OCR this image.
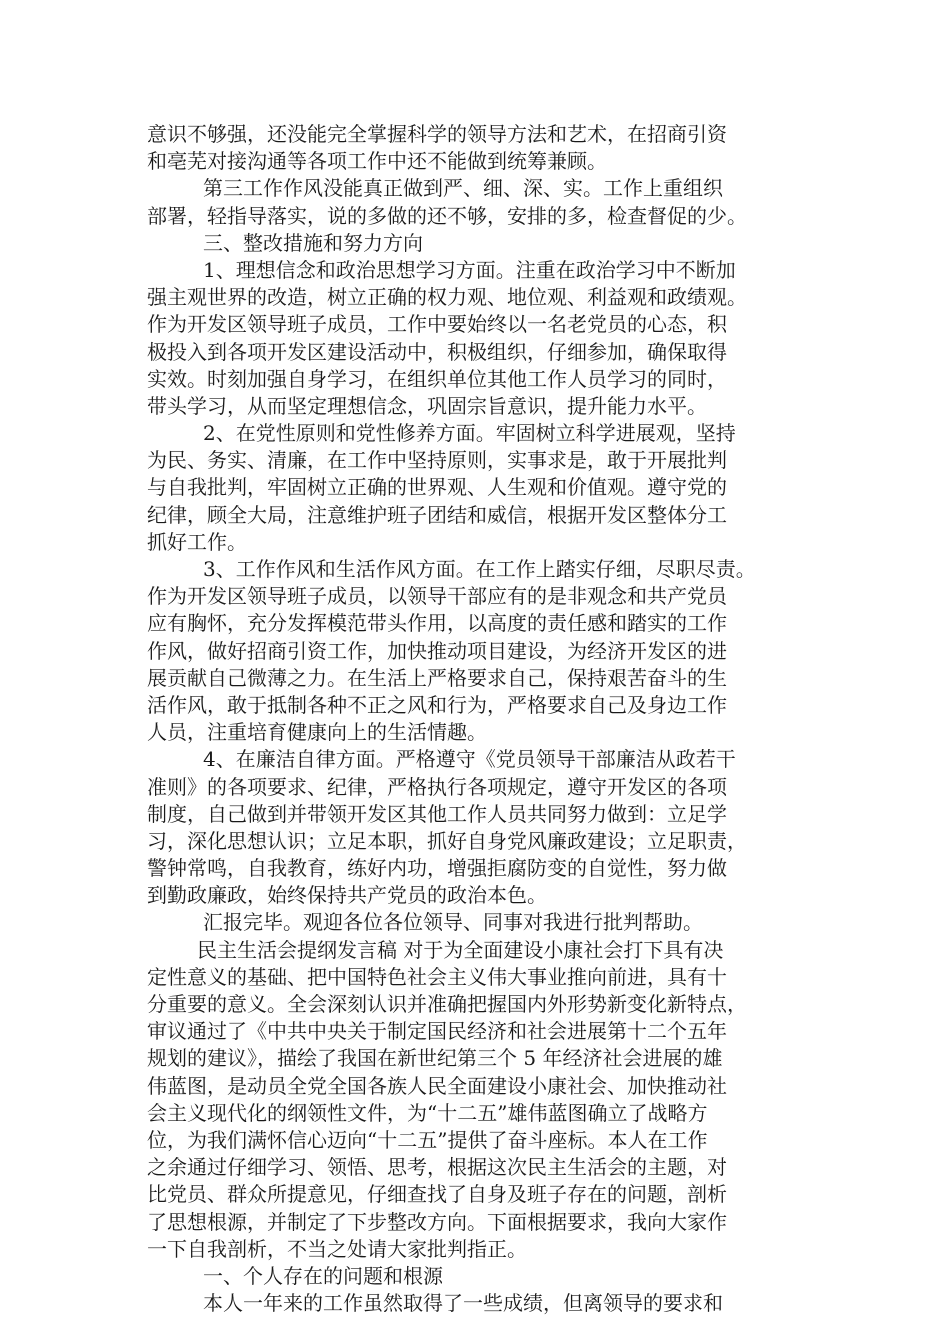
意识不够强，还没能完全掌握科学的领导方法和艺术，在招商引资
和亳芜对接沟通等各项工作中还不能做到统筹兼顾。
第三工作作风没能真正做到严、细、深、实。工作上重组织
部署，轻指导落实，说的多做的还不够，安排的多，检查督促的少。
三、整改措施和努力方向
1、理想信念和政治思想学习方面。注重在政治学习中不断加
强主观世界的改造，树立正确的权力观、地位观、利益观和政绩观。
作为开发区领导班子成员，工作中要始终以一名老党员的心态，积
极投入到各项开发区建设活动中，积极组织，仔细参加，确保取得
实效。时刻加强自身学习，在组织单位其他工作人员学习的同时，
带头学习，从而坚定理想信念，巩固宗旨意识，提升能力水平。
2、在党性原则和党性修养方面。牢固树立科学进展观，坚持
为民、务实、清廉，在工作中坚持原则，实事求是，敢于开展批判
与自我批判，牢固树立正确的世界观、人生观和价值观。遵守党的
纪律，顾全大局，注意维护班子团结和威信，根据开发区整体分工
抓好工作。
3、工作作风和生活作风方面。在工作上踏实仔细，尽职尽责。
作为开发区领导班子成员，以领导干部应有的是非观念和共产党员
应有胸怀，充分发挥模范带头作用，以高度的责任感和踏实的工作
作风，做好招商引资工作，加快推动项目建设，为经济开发区的进
展贡献自己微薄之力。在生活上严格要求自己，保持艰苦奋斗的生
活作风，敢于抵制各种不正之风和行为，严格要求自己及身边工作
人员，注重培育健康向上的生活情趣。
4、在廉洁自律方面。严格遵守《党员领导干部廉洁从政若干
准则》的各项要求、纪律，严格执行各项规定，遵守开发区的各项
制度，自己做到并带领开发区其他工作人员共同努力做到：立足学
习，深化思想认识；立足本职，抓好自身党风廉政建设；立足职责，
警钟常鸣，自我教育，练好内功，增强拒腐防变的自觉性，努力做
到勤政廉政，始终保持共产党员的政治本色。
汇报完毕。观迎各位各位领导、同事对我进行批判帮助。
民主生活会提纲发言稿 对于为全面建设小康社会打下具有决
定性意义的基础、把中国特色社会主义伟大事业推向前进，具有十
分重要的意义。全会深刻认识并准确把握国内外形势新变化新特点，
审议通过了《中共中央关于制定国民经济和社会进展第十二个五年
规划的建议》，描绘了我国在新世纪第三个 5 年经济社会进展的雄
伟蓝图，是动员全党全国各族人民全面建设小康社会、加快推动社
会主义现代化的纲领性文件，为“十二五”雄伟蓝图确立了战略方
位，为我们满怀信心迈向“十二五”提供了奋斗座标。本人在工作
之余通过仔细学习、领悟、思考，根据这次民主生活会的主题，对
比党员、群众所提意见，仔细查找了自身及班子存在的问题，剖析
了思想根源，并制定了下步整改方向。下面根据要求，我向大家作
一下自我剖析，不当之处请大家批判指正。
一、个人存在的问题和根源
本人一年来的工作虽然取得了一些成绩，但离领导的要求和
